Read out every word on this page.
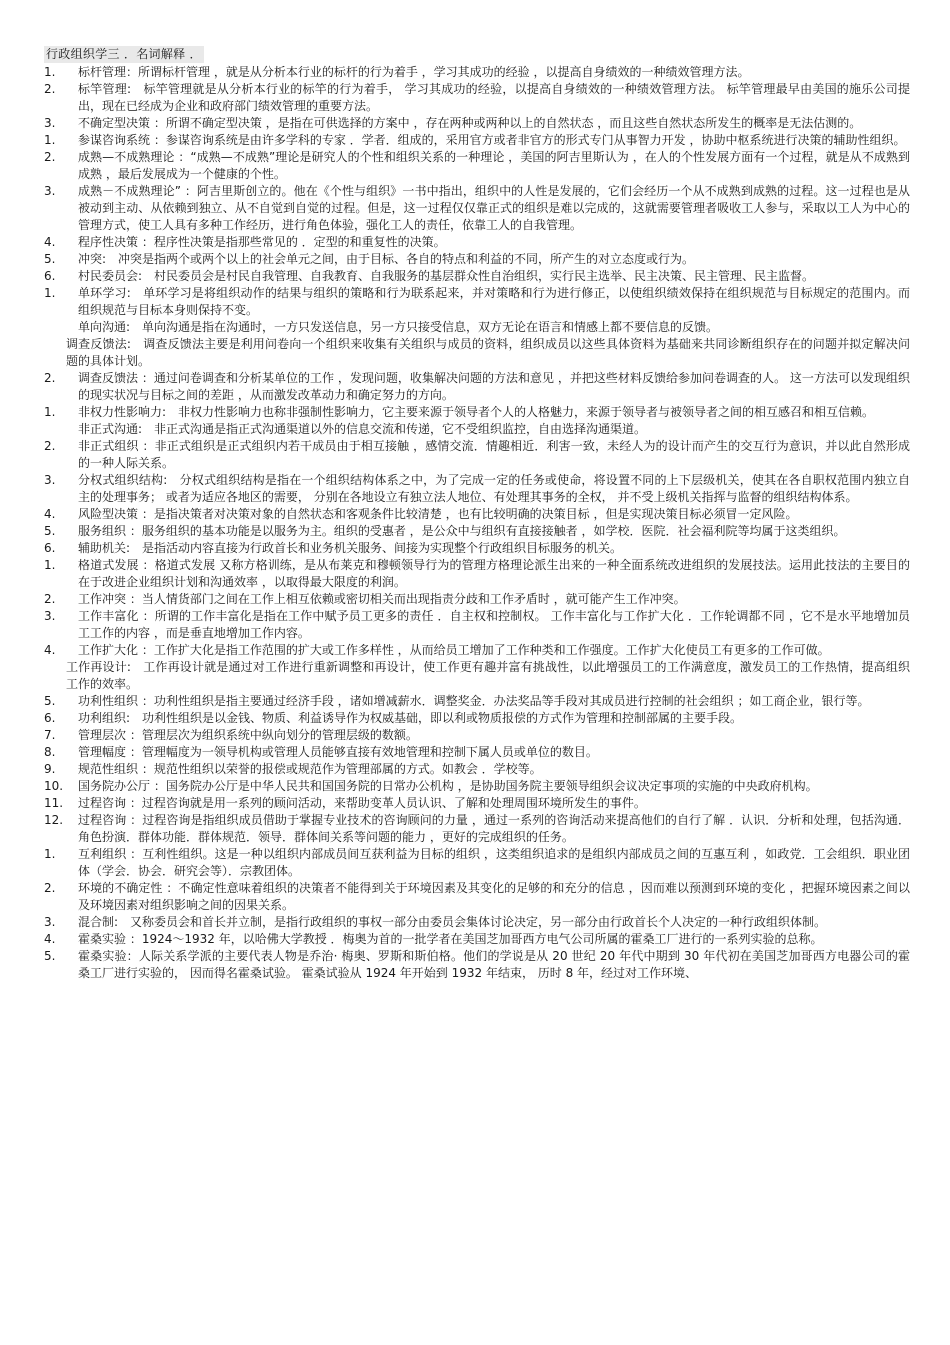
行政组织学三 ．名词解释 ．
1.	标杆管理：所谓标杆管理 ，就是从分析本行业的标杆的行为着手 ，学习其成功的经验 ，以提高自身绩效的一种绩效管理方法。
2.	标竿管理:　标竿管理就是从分析本行业的标竿的行为着手， 学习其成功的经验，以提高自身绩效的一种绩效管理方法。 标竿管理最早由美国的施乐公司提出，现在已经成为企业和政府部门绩效管理的重要方法。
3.	不确定型决策 ：所谓不确定型决策 ，是指在可供选择的方案中 ，存在两种或两种以上的自然状态 ，而且这些自然状态所发生的概率是无法估测的。
1.	参谋咨询系统 ：参谋咨询系统是由许多学科的专家 ．学者．组成的，采用官方或者非官方的形式专门从事智力开发 ，协助中枢系统进行决策的辅助性组织。
2.	成熟—不成熟理论 ：“成熟—不成熟”理论是研究人的个性和组织关系的一种理论 ，美国的阿吉里斯认为 ，在人的个性发展方面有一个过程，就是从不成熟到成熟 ，最后发展成为一个健康的个性。
3.	成熟－不成熟理论” ：阿吉里斯创立的。他在《个性与组织》一书中指出，组织中的人性是发展的，它们会经历一个从不成熟到成熟的过程。这一过程也是从被动到主动、从依赖到独立、从不自觉到自觉的过程。但是，这一过程仅仅靠正式的组织是难以完成的，这就需要管理者吸收工人参与，采取以工人为中心的管理方式，使工人具有多种工作经历，进行角色体验，强化工人的责任，依靠工人的自我管理。
4.	程序性决策 ：程序性决策是指那些常见的 ．定型的和重复性的决策。
5.	冲突:　冲突是指两个或两个以上的社会单元之间，由于目标、各自的特点和利益的不同，所产生的对立态度或行为。
6.	村民委员会:　村民委员会是村民自我管理、自我教育、自我服务的基层群众性自治组织，实行民主选举、民主决策、民主管理、民主监督。
1.	单环学习:　单环学习是将组织动作的结果与组织的策略和行为联系起来，并对策略和行为进行修正，以使组织绩效保持在组织规范与目标规定的范围内。而组织规范与目标本身则保持不变。
单向沟通:　单向沟通是指在沟通时，一方只发送信息，另一方只接受信息，双方无论在语言和情感上都不要信息的反馈。
调查反馈法:　调查反馈法主要是利用问卷向一个组织来收集有关组织与成员的资料，组织成员以这些具体资料为基础来共同诊断组织存在的问题并拟定解决问题的具体计划。
2.	调查反馈法 ：通过问卷调查和分析某单位的工作 ，发现问题，收集解决问题的方法和意见 ，并把这些材料反馈给参加问卷调查的人。 这一方法可以发现组织的现实状况与目标之间的差距 ，从而激发改革动力和确定努力的方向。
1.	非权力性影响力:　非权力性影响力也称非强制性影响力，它主要来源于领导者个人的人格魅力，来源于领导者与被领导者之间的相互感召和相互信赖。
非正式沟通:　非正式沟通是指正式沟通渠道以外的信息交流和传递，它不受组织监控，自由选择沟通渠道。
2.	非正式组织 ：非正式组织是正式组织内若干成员由于相互接触 ，感情交流．情趣相近．利害一致，未经人为的设计而产生的交互行为意识，并以此自然形成的一种人际关系。
3.	分权式组织结构:　分权式组织结构是指在一个组织结构体系之中，为了完成一定的任务或使命，将设置不同的上下层级机关，使其在各自职权范围内独立自主的处理事务； 或者为适应各地区的需要， 分别在各地设立有独立法人地位、有处理其事务的全权， 并不受上级机关指挥与监督的组织结构体系。
4.	风险型决策 ：是指决策者对决策对象的自然状态和客观条件比较清楚 ，也有比较明确的决策目标 ，但是实现决策目标必须冒一定风险。
5.	服务组织 ：服务组织的基本功能是以服务为主。组织的受惠者 ，是公众中与组织有直接接触者 ，如学校．医院．社会福利院等均属于这类组织。
6.	辅助机关:　是指活动内容直接为行政首长和业务机关服务、间接为实现整个行政组织目标服务的机关。
1.	格道式发展 ：格道式发展 又称方格训练，是从布莱克和穆顿领导行为的管理方格理论派生出来的一种全面系统改进组织的发展技法。运用此技法的主要目的在于改进企业组织计划和沟通效率 ，以取得最大限度的利润。
2.	工作冲突 ：当人情货部门之间在工作上相互依赖或密切相关而出现指责分歧和工作矛盾时 ，就可能产生工作冲突。
3.	工作丰富化 ：所谓的工作丰富化是指在工作中赋予员工更多的责任 ．自主权和控制权。 工作丰富化与工作扩大化 ．工作轮调都不同 ，它不是水平地增加员工工作的内容 ，而是垂直地增加工作内容。
4.	工作扩大化 ：工作扩大化是指工作范围的扩大或工作多样性 ，从而给员工增加了工作种类和工作强度。工作扩大化使员工有更多的工作可做。
工作再设计:　工作再设计就是通过对工作进行重新调整和再设计，使工作更有趣并富有挑战性，以此增强员工的工作满意度，激发员工的工作热情，提高组织工作的效率。
5.	功利性组织 ：功利性组织是指主要通过经济手段 ，诸如增减薪水．调整奖金．办法奖品等手段对其成员进行控制的社会组织 ；如工商企业，银行等。
6.	功利组织:　功利性组织是以金钱、物质、利益诱导作为权威基础，即以利或物质报偿的方式作为管理和控制部属的主要手段。
7.	管理层次 ：管理层次为组织系统中纵向划分的管理层级的数额。
8.	管理幅度 ：管理幅度为一领导机构或管理人员能够直接有效地管理和控制下属人员或单位的数目。
9.	规范性组织 ：规范性组织以荣誉的报偿或规范作为管理部属的方式。如教会 ．学校等。
10.	国务院办公厅 ：国务院办公厅是中华人民共和国国务院的日常办公机构 ，是协助国务院主要领导组织会议决定事项的实施的中央政府机构。
11.	过程咨询 ：过程咨询就是用一系列的顾问活动，来帮助变革人员认识、了解和处理周围环境所发生的事件。
12.	过程咨询 ：过程咨询是指组织成员借助于掌握专业技术的咨询顾问的力量 ，通过一系列的咨询活动来提高他们的自行了解 ．认识．分析和处理，包括沟通．角色扮演．群体功能．群体规范．领导．群体间关系等问题的能力 ，更好的完成组织的任务。
1.	互利组织 ：互利性组织。这是一种以组织内部成员间互获利益为目标的组织 ，这类组织追求的是组织内部成员之间的互惠互利 ，如政党．工会组织．职业团体（学会．协会．研究会等）．宗教团体。
2.	环境的不确定性 ：不确定性意味着组织的决策者不能得到关于环境因素及其变化的足够的和充分的信息 ，因而难以预测到环境的变化 ，把握环境因素之间以及环境因素对组织影响之间的因果关系。
3.	混合制:　又称委员会和首长并立制，是指行政组织的事权一部分由委员会集体讨论决定，另一部分由行政首长个人决定的一种行政组织体制。
4.	霍桑实验 ：1924～1932 年，以哈佛大学教授 ．梅奥为首的一批学者在美国芝加哥西方电气公司所属的霍桑工厂进行的一系列实验的总称。
5.	霍桑实验：人际关系学派的主要代表人物是乔治· 梅奥、罗斯和斯伯格。他们的学说是从 20 世纪 20 年代中期到 30 年代初在美国芝加哥西方电器公司的霍桑工厂进行实验的， 因而得名霍桑试验。 霍桑试验从 1924 年开始到 1932 年结束， 历时 8 年，经过对工作环境、
